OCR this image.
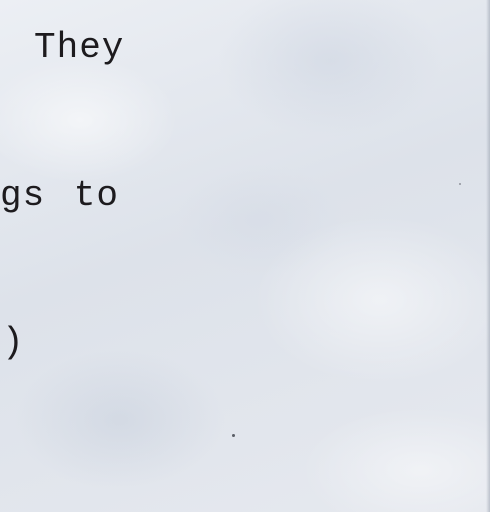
They

gs to

)
